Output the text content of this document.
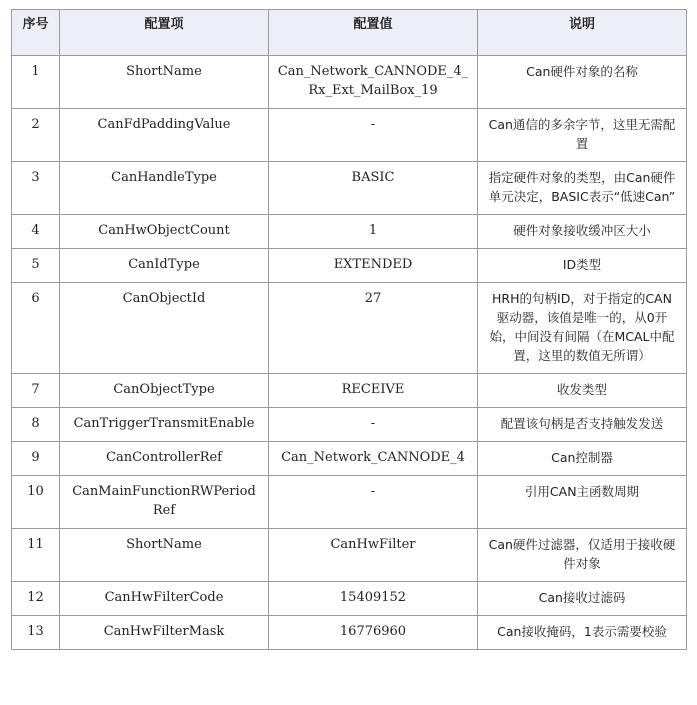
序号	配置项	配置值	说明
1	ShortName	Can_Network_CANNODE_4_Rx_Ext_MailBox_19	Can硬件对象的名称
2	CanFdPaddingValue	-	Can通信的多余字节，这里无需配置
3	CanHandleType	BASIC	指定硬件对象的类型，由Can硬件单元决定，BASIC表示“低速Can”
4	CanHwObjectCount	1	硬件对象接收缓冲区大小
5	CanIdType	EXTENDED	ID类型
6	CanObjectId	27	HRH的句柄ID，对于指定的CAN驱动器，该值是唯一的，从0开始，中间没有间隔（在MCAL中配置，这里的数值无所谓）
7	CanObjectType	RECEIVE	收发类型
8	CanTriggerTransmitEnable	-	配置该句柄是否支持触发发送
9	CanControllerRef	Can_Network_CANNODE_4	Can控制器
10	CanMainFunctionRWPeriodRef	-	引用CAN主函数周期
11	ShortName	CanHwFilter	Can硬件过滤器，仅适用于接收硬件对象
12	CanHwFilterCode	15409152	Can接收过滤码
13	CanHwFilterMask	16776960	Can接收掩码，1表示需要校验
